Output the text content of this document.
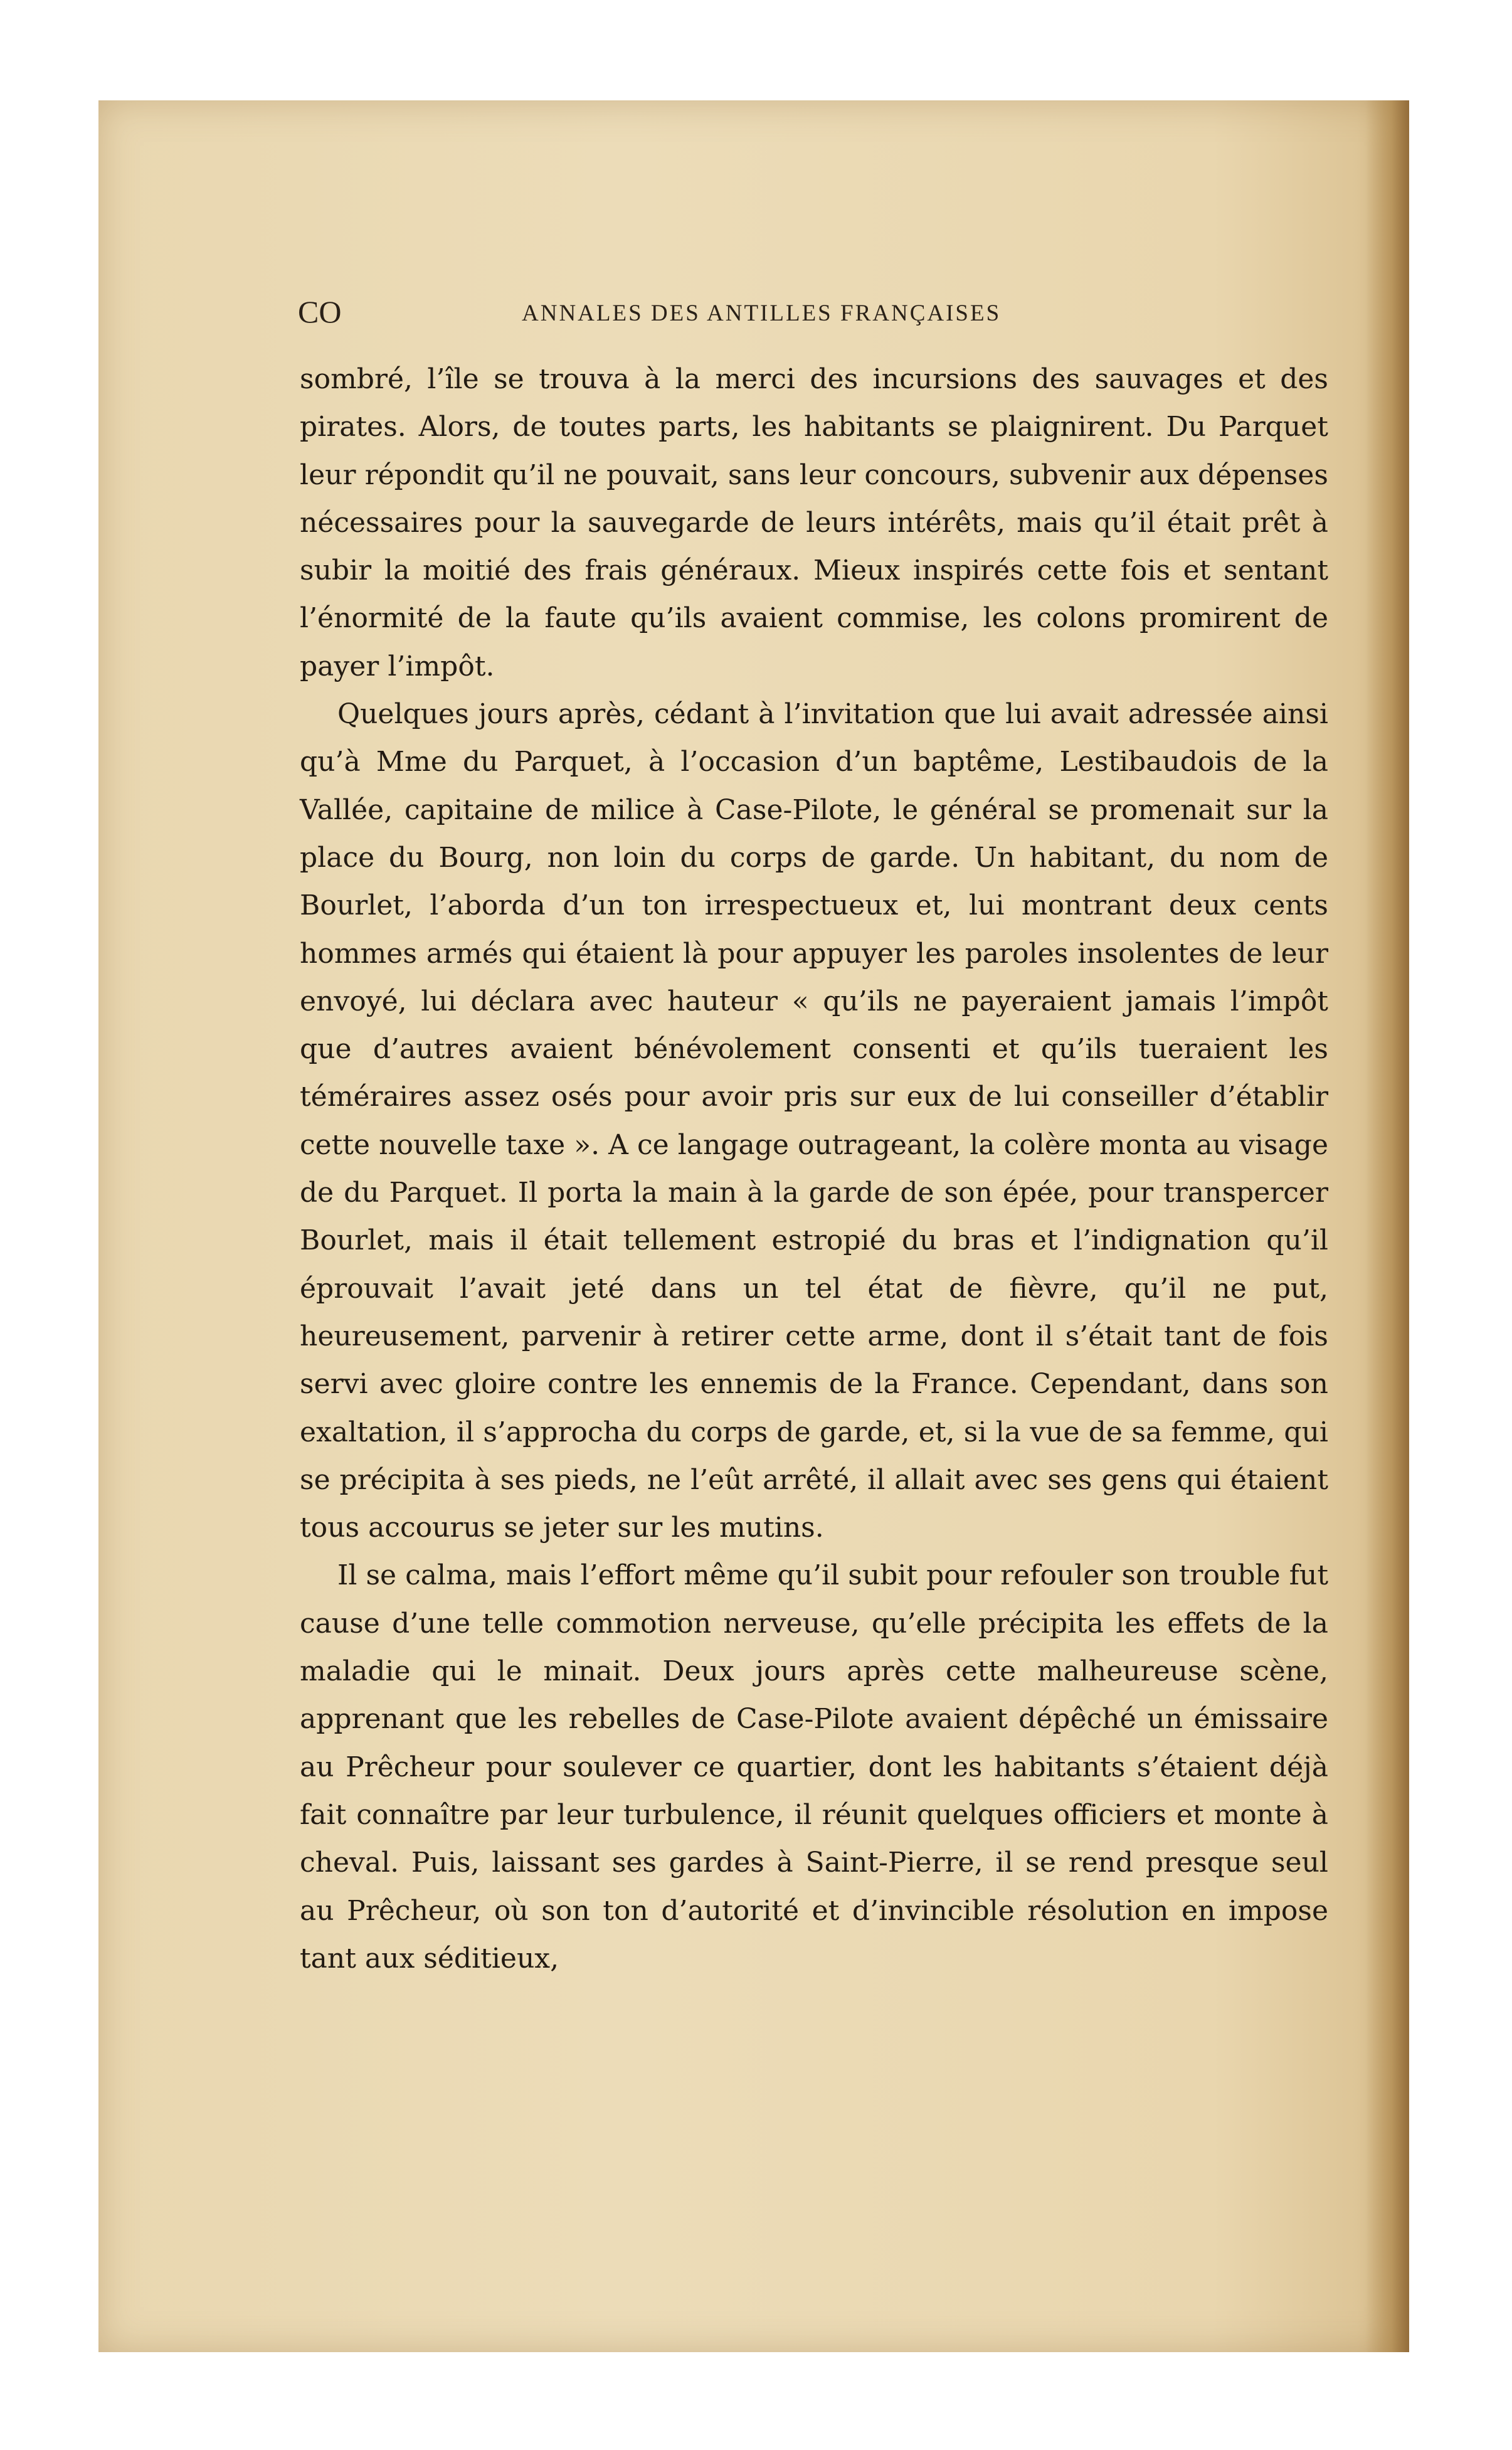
CO	ANNALES DES ANTILLES FRANÇAISES

sombré, l’île se trouva à la merci des incursions des sauvages et des pirates. Alors, de toutes parts, les habitants se plaignirent. Du Parquet leur répondit qu’il ne pouvait, sans leur concours, subvenir aux dépenses nécessaires pour la sauvegarde de leurs intérêts, mais qu’il était prêt à subir la moitié des frais généraux. Mieux inspirés cette fois et sentant l’énormité de la faute qu’ils avaient commise, les colons promirent de payer l’impôt.

Quelques jours après, cédant à l’invitation que lui avait adressée ainsi qu’à Mme du Parquet, à l’occasion d’un baptême, Lestibaudois de la Vallée, capitaine de milice à Case-Pilote, le général se promenait sur la place du Bourg, non loin du corps de garde. Un habitant, du nom de Bourlet, l’aborda d’un ton irrespectueux et, lui montrant deux cents hommes armés qui étaient là pour appuyer les paroles insolentes de leur envoyé, lui déclara avec hauteur « qu’ils ne payeraient jamais l’impôt que d’autres avaient bénévolement consenti et qu’ils tueraient les téméraires assez osés pour avoir pris sur eux de lui conseiller d’établir cette nouvelle taxe ». A ce langage outrageant, la colère monta au visage de du Parquet. Il porta la main à la garde de son épée, pour transpercer Bourlet, mais il était tellement estropié du bras et l’indignation qu’il éprouvait l’avait jeté dans un tel état de fièvre, qu’il ne put, heureusement, parvenir à retirer cette arme, dont il s’était tant de fois servi avec gloire contre les ennemis de la France. Cependant, dans son exaltation, il s’approcha du corps de garde, et, si la vue de sa femme, qui se précipita à ses pieds, ne l’eût arrêté, il allait avec ses gens qui étaient tous accourus se jeter sur les mutins.

Il se calma, mais l’effort même qu’il subit pour refouler son trouble fut cause d’une telle commotion nerveuse, qu’elle précipita les effets de la maladie qui le minait. Deux jours après cette malheureuse scène, apprenant que les rebelles de Case-Pilote avaient dépêché un émissaire au Prêcheur pour soulever ce quartier, dont les habitants s’étaient déjà fait connaître par leur turbulence, il réunit quelques officiers et monte à cheval. Puis, laissant ses gardes à Saint-Pierre, il se rend presque seul au Prêcheur, où son ton d’autorité et d’invincible résolution en impose tant aux séditieux,
